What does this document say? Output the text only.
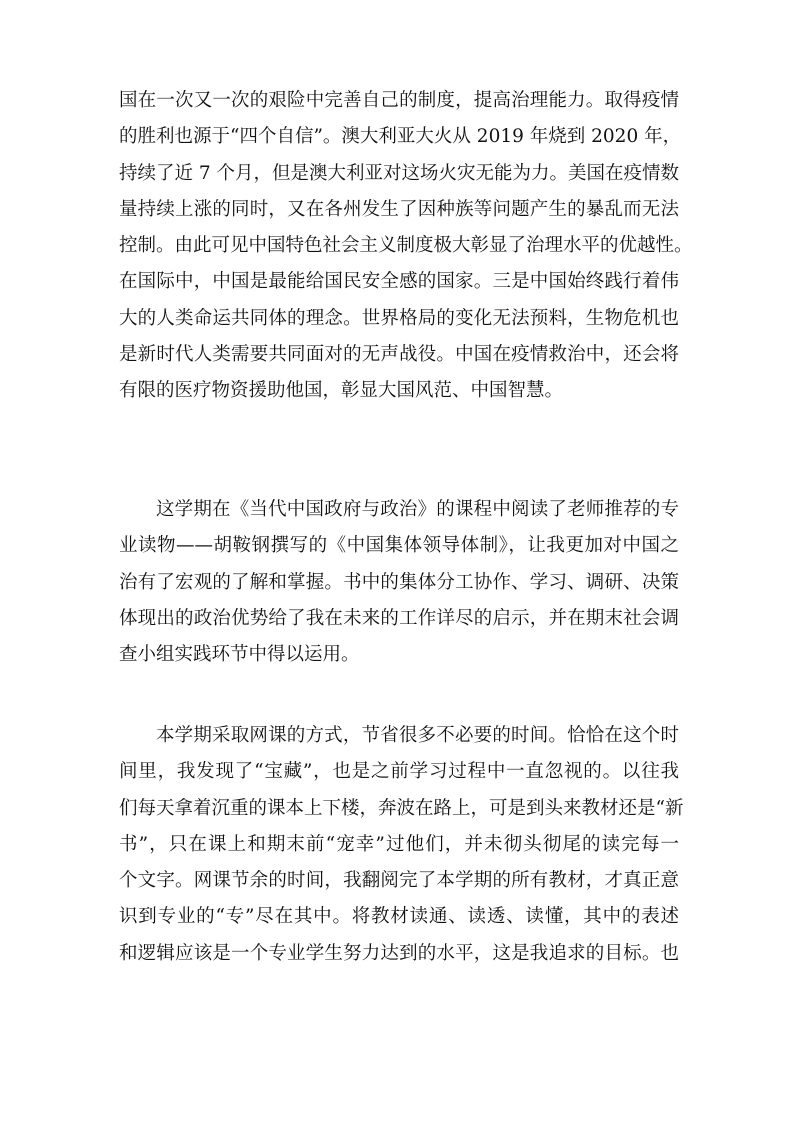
国在一次又一次的艰险中完善自己的制度，提高治理能力。取得疫情
的胜利也源于“四个自信”。澳大利亚大火从 2019 年烧到 2020 年，
持续了近 7 个月，但是澳大利亚对这场火灾无能为力。美国在疫情数
量持续上涨的同时，又在各州发生了因种族等问题产生的暴乱而无法
控制。由此可见中国特色社会主义制度极大彰显了治理水平的优越性。
在国际中，中国是最能给国民安全感的国家。三是中国始终践行着伟
大的人类命运共同体的理念。世界格局的变化无法预料，生物危机也
是新时代人类需要共同面对的无声战役。中国在疫情救治中，还会将
有限的医疗物资援助他国，彰显大国风范、中国智慧。
这学期在《当代中国政府与政治》的课程中阅读了老师推荐的专
业读物——胡鞍钢撰写的《中国集体领导体制》，让我更加对中国之
治有了宏观的了解和掌握。书中的集体分工协作、学习、调研、决策
体现出的政治优势给了我在未来的工作详尽的启示，并在期末社会调
查小组实践环节中得以运用。
本学期采取网课的方式，节省很多不必要的时间。恰恰在这个时
间里，我发现了“宝藏”，也是之前学习过程中一直忽视的。以往我
们每天拿着沉重的课本上下楼，奔波在路上，可是到头来教材还是“新
书”，只在课上和期末前“宠幸”过他们，并未彻头彻尾的读完每一
个文字。网课节余的时间，我翻阅完了本学期的所有教材，才真正意
识到专业的“专”尽在其中。将教材读通、读透、读懂，其中的表述
和逻辑应该是一个专业学生努力达到的水平，这是我追求的目标。也
